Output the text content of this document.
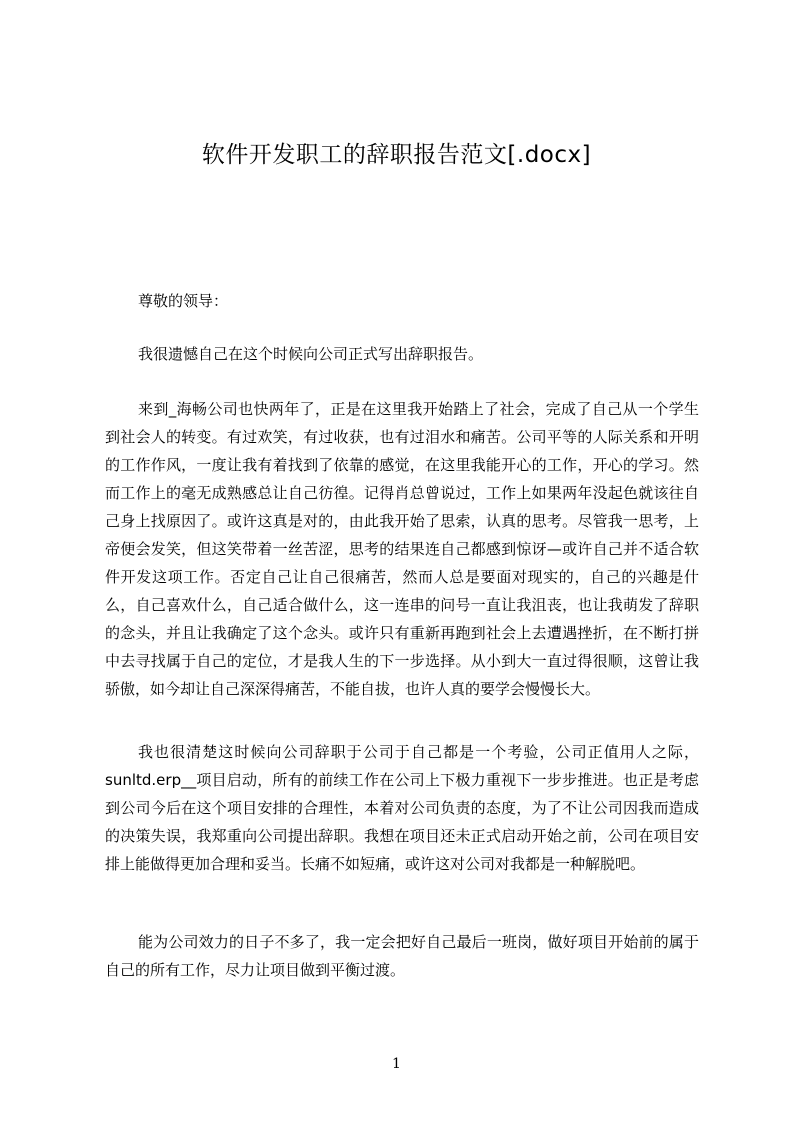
软件开发职工的辞职报告范文[.docx]
尊敬的领导：
我很遗憾自己在这个时候向公司正式写出辞职报告。
来到_海畅公司也快两年了，正是在这里我开始踏上了社会，完成了自己从一个学生到社会人的转变。有过欢笑，有过收获，也有过泪水和痛苦。公司平等的人际关系和开明的工作作风，一度让我有着找到了依靠的感觉，在这里我能开心的工作，开心的学习。然而工作上的毫无成熟感总让自己彷徨。记得肖总曾说过，工作上如果两年没起色就该往自己身上找原因了。或许这真是对的，由此我开始了思索，认真的思考。尽管我一思考，上帝便会发笑，但这笑带着一丝苦涩，思考的结果连自己都感到惊讶—或许自己并不适合软件开发这项工作。否定自己让自己很痛苦，然而人总是要面对现实的，自己的兴趣是什么，自己喜欢什么，自己适合做什么，这一连串的问号一直让我沮丧，也让我萌发了辞职的念头，并且让我确定了这个念头。或许只有重新再跑到社会上去遭遇挫折，在不断打拼中去寻找属于自己的定位，才是我人生的下一步选择。从小到大一直过得很顺，这曾让我骄傲，如今却让自己深深得痛苦，不能自拔，也许人真的要学会慢慢长大。
我也很清楚这时候向公司辞职于公司于自己都是一个考验，公司正值用人之际，sunltd.erp__项目启动，所有的前续工作在公司上下极力重视下一步步推进。也正是考虑到公司今后在这个项目安排的合理性，本着对公司负责的态度，为了不让公司因我而造成的决策失误，我郑重向公司提出辞职。我想在项目还未正式启动开始之前，公司在项目安排上能做得更加合理和妥当。长痛不如短痛，或许这对公司对我都是一种解脱吧。
能为公司效力的日子不多了，我一定会把好自己最后一班岗，做好项目开始前的属于自己的所有工作，尽力让项目做到平衡过渡。
1
